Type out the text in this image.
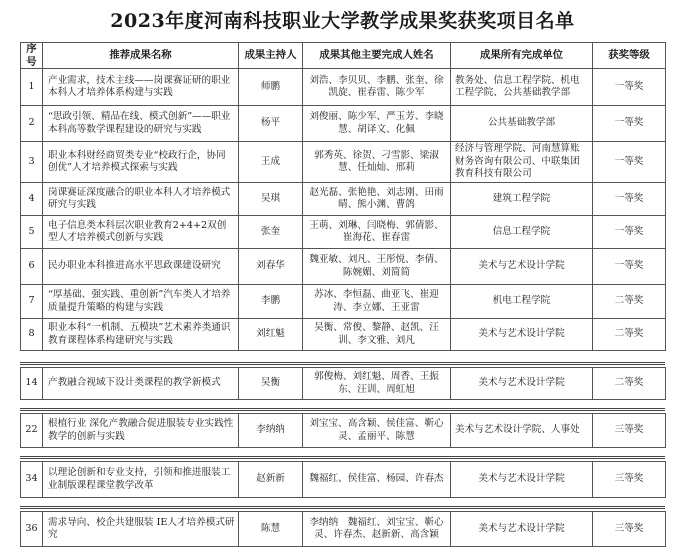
2023年度河南科技职业大学教学成果奖获奖项目名单
序号	推荐成果名称	成果主持人	成果其他主要完成人姓名	成果所有完成单位	获奖等级
1	产业需求，技术主线——岗课赛证研的职业本科人才培养体系构建与实践	师鹏	刘浩、李贝贝、李鹏、张奎、徐凯旋、崔春雷、陈少军	教务处、信息工程学院、机电工程学院、公共基础教学部	一等奖
2	“思政引领、精品在线、模式创新”——职业本科高等数学课程建设的研究与实践	杨平	刘俊丽、陈少军、严玉芳、李晓慧、胡译文、化佩	公共基础教学部	一等奖
3	职业本科财经商贸类专业“校政行企，协同创优”人才培养模式探索与实践	王成	郭秀英、徐贺、刁雪影、梁淑慧、任灿灿、邢莉	经济与管理学院、河南慧算账财务咨询有限公司、中联集团教育科技有限公司	一等奖
4	岗课赛证深度融合的职业本科人才培养模式研究与实践	吴琪	赵光磊、张艳艳、刘志刚、田雨晴、熊小渊、曹鸽	建筑工程学院	一等奖
5	电子信息类本科层次职业教育2+4+2双创型人才培养模式创新与实践	张奎	王萌、刘琳、闫晓梅、郭倩影、崔海花、崔春雷	信息工程学院	一等奖
6	民办职业本科推进高水平思政课建设研究	刘春华	魏亚敏、刘凡、王彤悦、李倩、陈婉媚、刘简简	美术与艺术设计学院	一等奖
7	“厚基础、强实践、重创新”汽车类人才培养质量提升策略的构建与实践	李鹏	苏冰、李恒磊、曲亚飞、崔迎涛、李立娜、王亚雷	机电工程学院	二等奖
8	职业本科“一机制、五模块”艺术素养类通识教育课程体系构建研究与实践	刘红魁	吴衡、常俊、黎静、赵凯、汪训、李文雅、刘凡	美术与艺术设计学院	二等奖
14	产教融合视域下设计类课程的教学新模式	吴衡	郭俊梅、刘红魁、周香、王振东、汪训、周虹旭	美术与艺术设计学院	二等奖
22	根植行业 深化产教融合促进服装专业实践性教学的创新与实践	李纳纳	刘宝宝、高含颖、侯佳富、靳心灵、孟丽平、陈慧	美术与艺术设计学院、人事处	三等奖
34	以理论创新和专业支持，引领和推进服装工业制版课程课堂教学改革	赵新新	魏福红、侯佳富、杨园、许春杰	美术与艺术设计学院	三等奖
36	需求导向、校企共建服装 IE人才培养模式研究	陈慧	李纳纳　魏福红、刘宝宝、靳心灵、许春杰、赵新新、高含颖	美术与艺术设计学院	三等奖
